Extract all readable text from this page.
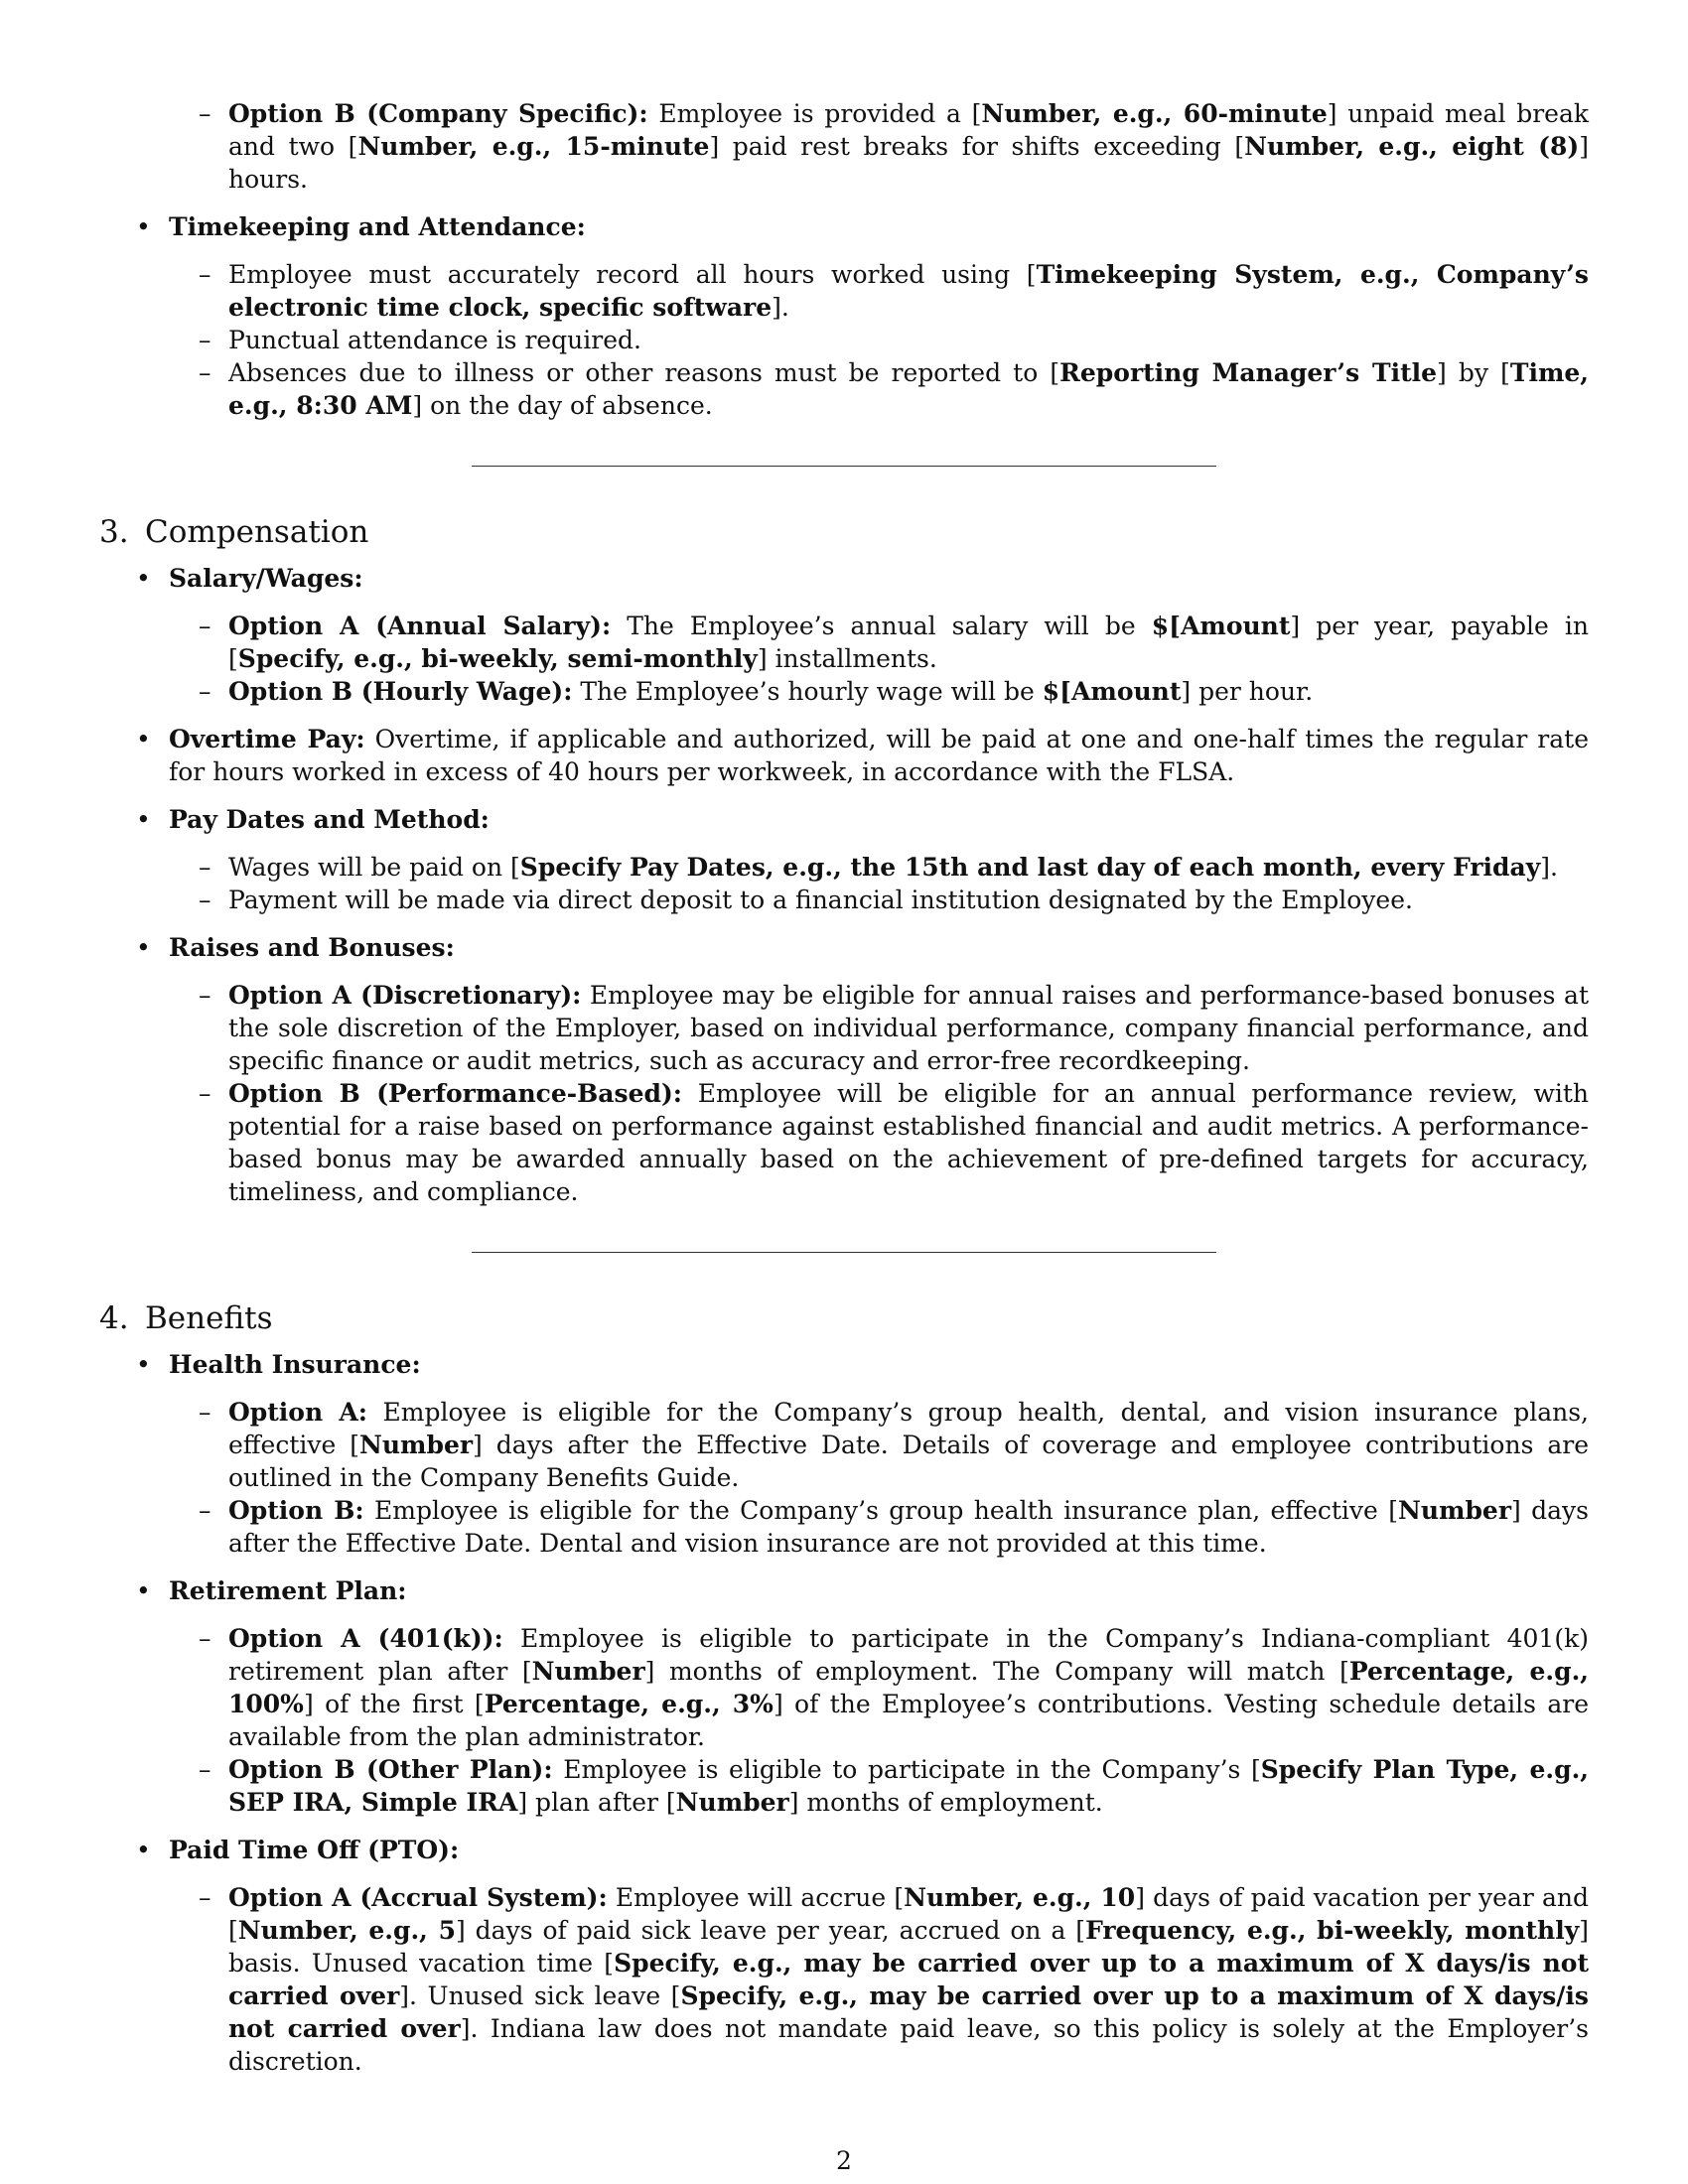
– Option B (Company Specific): Employee is provided a [Number, e.g., 60-minute] unpaid meal break and two [Number, e.g., 15-minute] paid rest breaks for shifts exceeding [Number, e.g., eight (8)] hours.
• Timekeeping and Attendance:
– Employee must accurately record all hours worked using [Timekeeping System, e.g., Company’s electronic time clock, specific software].
– Punctual attendance is required.
– Absences due to illness or other reasons must be reported to [Reporting Manager’s Title] by [Time, e.g., 8:30 AM] on the day of absence.
3. Compensation
• Salary/Wages:
– Option A (Annual Salary): The Employee’s annual salary will be $[Amount] per year, payable in [Specify, e.g., bi-weekly, semi-monthly] installments.
– Option B (Hourly Wage): The Employee’s hourly wage will be $[Amount] per hour.
• Overtime Pay: Overtime, if applicable and authorized, will be paid at one and one-half times the regular rate for hours worked in excess of 40 hours per workweek, in accordance with the FLSA.
• Pay Dates and Method:
– Wages will be paid on [Specify Pay Dates, e.g., the 15th and last day of each month, every Friday].
– Payment will be made via direct deposit to a financial institution designated by the Employee.
• Raises and Bonuses:
– Option A (Discretionary): Employee may be eligible for annual raises and performance-based bonuses at the sole discretion of the Employer, based on individual performance, company financial performance, and specific finance or audit metrics, such as accuracy and error-free recordkeeping.
– Option B (Performance-Based): Employee will be eligible for an annual performance review, with potential for a raise based on performance against established financial and audit metrics. A performance-based bonus may be awarded annually based on the achievement of pre-defined targets for accuracy, timeliness, and compliance.
4. Benefits
• Health Insurance:
– Option A: Employee is eligible for the Company’s group health, dental, and vision insurance plans, effective [Number] days after the Effective Date. Details of coverage and employee contributions are outlined in the Company Benefits Guide.
– Option B: Employee is eligible for the Company’s group health insurance plan, effective [Number] days after the Effective Date. Dental and vision insurance are not provided at this time.
• Retirement Plan:
– Option A (401(k)): Employee is eligible to participate in the Company’s Indiana-compliant 401(k) retirement plan after [Number] months of employment. The Company will match [Percentage, e.g., 100%] of the first [Percentage, e.g., 3%] of the Employee’s contributions. Vesting schedule details are available from the plan administrator.
– Option B (Other Plan): Employee is eligible to participate in the Company’s [Specify Plan Type, e.g., SEP IRA, Simple IRA] plan after [Number] months of employment.
• Paid Time Off (PTO):
– Option A (Accrual System): Employee will accrue [Number, e.g., 10] days of paid vacation per year and [Number, e.g., 5] days of paid sick leave per year, accrued on a [Frequency, e.g., bi-weekly, monthly] basis. Unused vacation time [Specify, e.g., may be carried over up to a maximum of X days/is not carried over]. Unused sick leave [Specify, e.g., may be carried over up to a maximum of X days/is not carried over]. Indiana law does not mandate paid leave, so this policy is solely at the Employer’s discretion.
2
